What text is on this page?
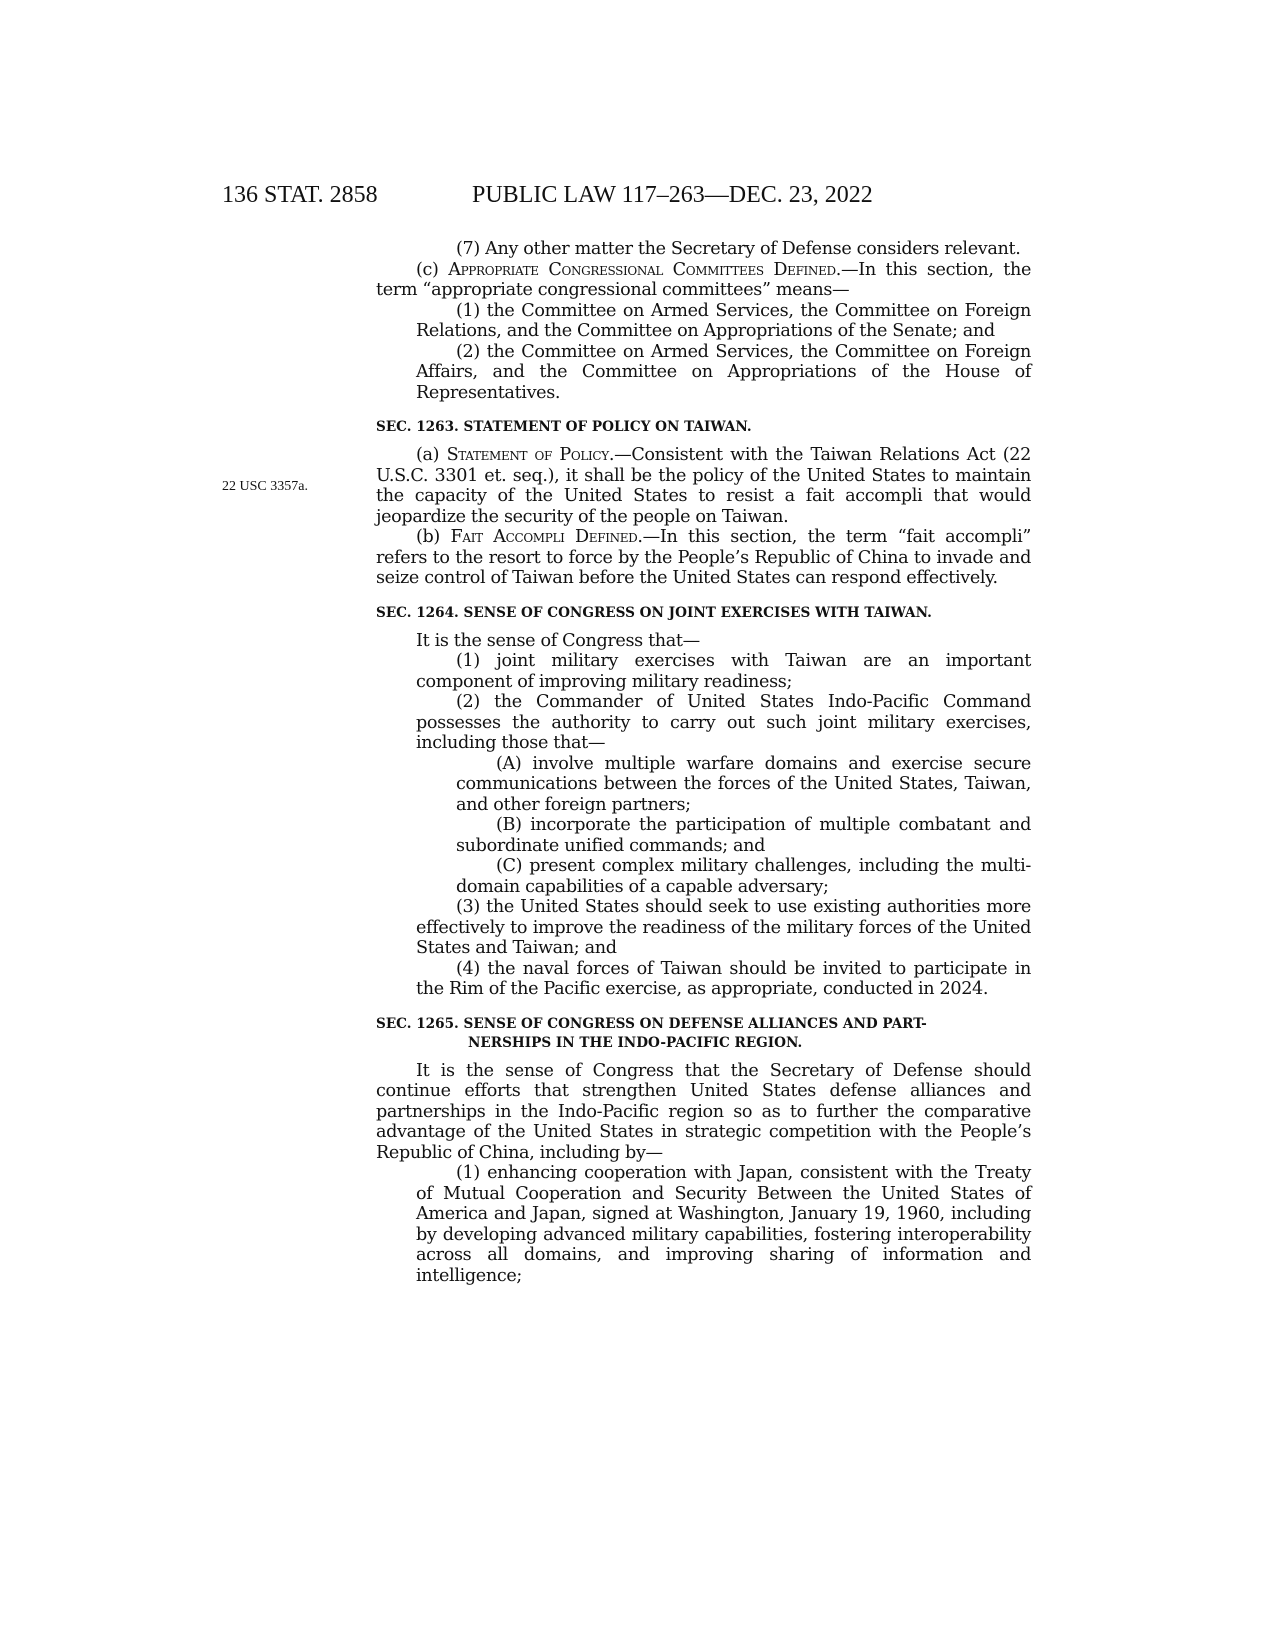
136 STAT. 2858	PUBLIC LAW 117–263—DEC. 23, 2022
22 USC 3357a.

(7) Any other matter the Secretary of Defense considers relevant.

(c) Appropriate Congressional Committees Defined.—In this section, the term “appropriate congressional committees” means—

(1) the Committee on Armed Services, the Committee on Foreign Relations, and the Committee on Appropriations of the Senate; and

(2) the Committee on Armed Services, the Committee on Foreign Affairs, and the Committee on Appropriations of the House of Representatives.

SEC. 1263. STATEMENT OF POLICY ON TAIWAN.

(a) Statement of Policy.—Consistent with the Taiwan Relations Act (22 U.S.C. 3301 et. seq.), it shall be the policy of the United States to maintain the capacity of the United States to resist a fait accompli that would jeopardize the security of the people on Taiwan.

(b) Fait Accompli Defined.—In this section, the term “fait accompli” refers to the resort to force by the People’s Republic of China to invade and seize control of Taiwan before the United States can respond effectively.

SEC. 1264. SENSE OF CONGRESS ON JOINT EXERCISES WITH TAIWAN.

It is the sense of Congress that—

(1) joint military exercises with Taiwan are an important component of improving military readiness;

(2) the Commander of United States Indo-Pacific Command possesses the authority to carry out such joint military exercises, including those that—

(A) involve multiple warfare domains and exercise secure communications between the forces of the United States, Taiwan, and other foreign partners;

(B) incorporate the participation of multiple combatant and subordinate unified commands; and

(C) present complex military challenges, including the multi-domain capabilities of a capable adversary;

(3) the United States should seek to use existing authorities more effectively to improve the readiness of the military forces of the United States and Taiwan; and

(4) the naval forces of Taiwan should be invited to participate in the Rim of the Pacific exercise, as appropriate, conducted in 2024.

SEC. 1265. SENSE OF CONGRESS ON DEFENSE ALLIANCES AND PART-
NERSHIPS IN THE INDO-PACIFIC REGION.

It is the sense of Congress that the Secretary of Defense should continue efforts that strengthen United States defense alliances and partnerships in the Indo-Pacific region so as to further the comparative advantage of the United States in strategic competition with the People’s Republic of China, including by—

(1) enhancing cooperation with Japan, consistent with the Treaty of Mutual Cooperation and Security Between the United States of America and Japan, signed at Washington, January 19, 1960, including by developing advanced military capabilities, fostering interoperability across all domains, and improving sharing of information and intelligence;
